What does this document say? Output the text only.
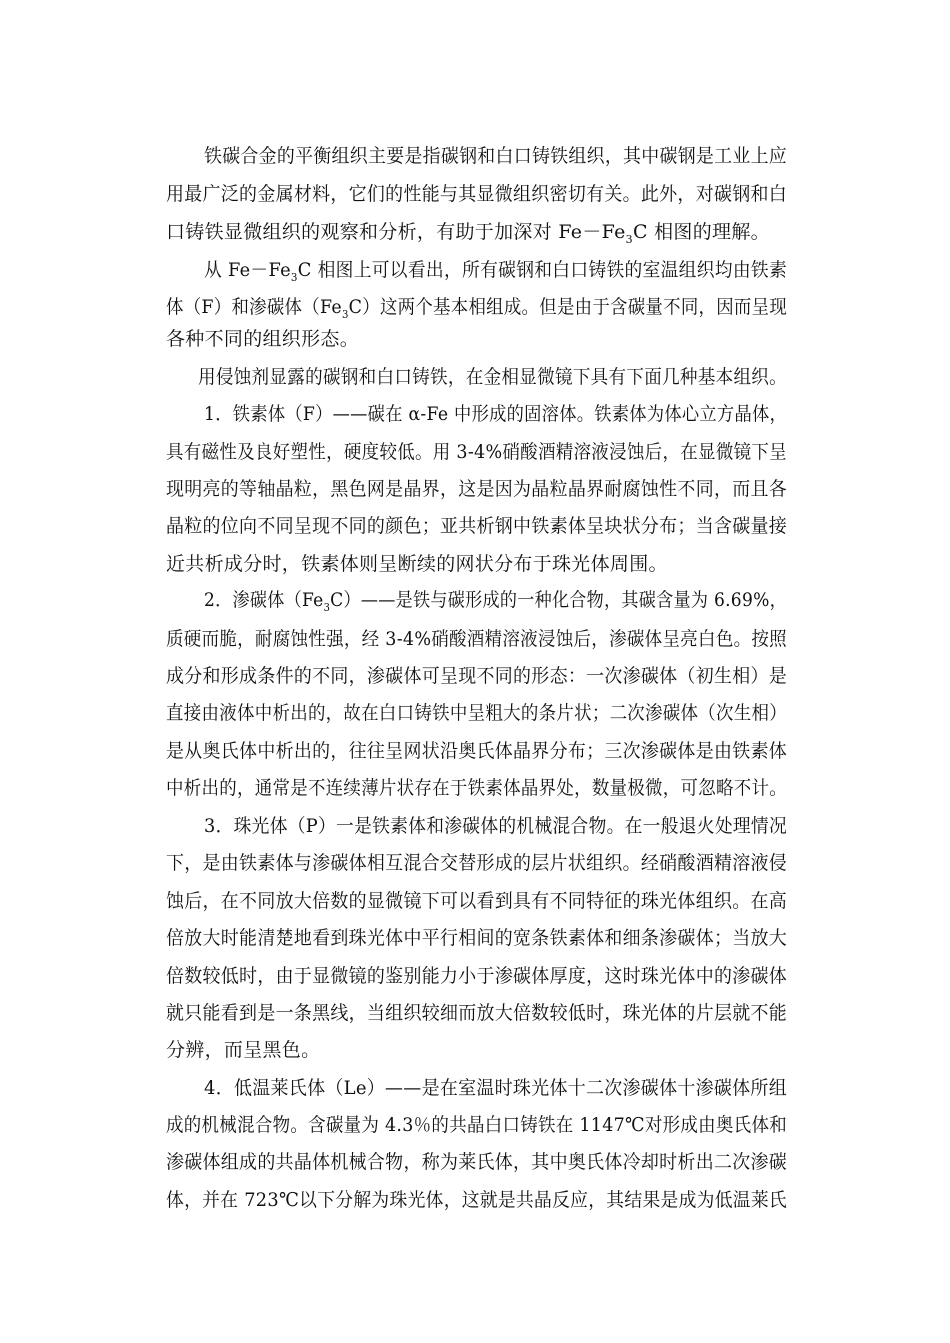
铁碳合金的平衡组织主要是指碳钢和白口铸铁组织，其中碳钢是工业上应
用最广泛的金属材料，它们的性能与其显微组织密切有关。此外，对碳钢和白
口铸铁显微组织的观察和分析，有助于加深对 $Fe-Fe_3C$ 相图的理解。
从 $Fe-Fe_3C$ 相图上可以看出，所有碳钢和白口铸铁的室温组织均由铁素
体（F）和渗碳体$(Fe_3C)$这两个基本相组成。但是由于含碳量不同，因而呈现
各种不同的组织形态。
用侵蚀剂显露的碳钢和白口铸铁，在金相显微镜下具有下面几种基本组织。
1．铁素体（F）——碳在 α-Fe 中形成的固溶体。铁素体为体心立方晶体，
具有磁性及良好塑性，硬度较低。用 3-4%硝酸酒精溶液浸蚀后，在显微镜下呈
现明亮的等轴晶粒，黑色网是晶界，这是因为晶粒晶界耐腐蚀性不同，而且各
晶粒的位向不同呈现不同的颜色；亚共析钢中铁素体呈块状分布；当含碳量接
近共析成分时，铁素体则呈断续的网状分布于珠光体周围。
2．渗碳体$(Fe_3C)——$是铁与碳形成的一种化合物，其碳含量为 6.69%，
质硬而脆，耐腐蚀性强，经 3-4%硝酸酒精溶液浸蚀后，渗碳体呈亮白色。按照
成分和形成条件的不同，渗碳体可呈现不同的形态：一次渗碳体（初生相）是
直接由液体中析出的，故在白口铸铁中呈粗大的条片状；二次渗碳体（次生相）
是从奥氏体中析出的，往往呈网状沿奥氏体晶界分布；三次渗碳体是由铁素体
中析出的，通常是不连续薄片状存在于铁素体晶界处，数量极微，可忽略不计。
3．珠光体（P）一是铁素体和渗碳体的机械混合物。在一般退火处理情况
下，是由铁素体与渗碳体相互混合交替形成的层片状组织。经硝酸酒精溶液侵
蚀后，在不同放大倍数的显微镜下可以看到具有不同特征的珠光体组织。在高
倍放大时能清楚地看到珠光体中平行相间的宽条铁素体和细条渗碳体；当放大
倍数较低时，由于显微镜的鉴别能力小于渗碳体厚度，这时珠光体中的渗碳体
就只能看到是一条黑线，当组织较细而放大倍数较低时，珠光体的片层就不能
分辨，而呈黑色。
4．低温莱氏体（Le）——是在室温时珠光体十二次渗碳体十渗碳体所组
成的机械混合物。含碳量为 4.3％的共晶白口铸铁在 1147℃对形成由奥氏体和
渗碳体组成的共晶体机械合物，称为莱氏体，其中奥氏体冷却时析出二次渗碳
体，并在 723℃以下分解为珠光体，这就是共晶反应，其结果是成为低温莱氏
